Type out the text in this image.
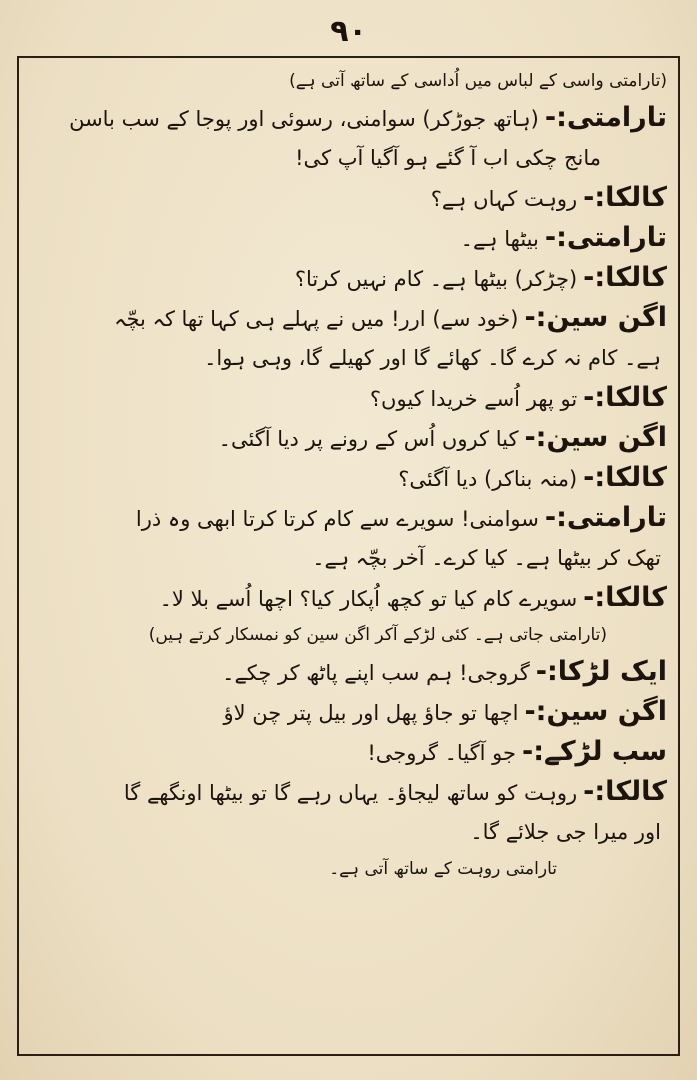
۹۰
(تارامتی واسی کے لباس میں اُداسی کے ساتھ آتی ہے)
تارامتی:-(ہاتھ جوڑکر) سوامنی، رسوئی اور پوجا کے سب باسن
مانج چکی اب آ گئے ہو آگیا آپ کی!
کالکا:-روہت کہاں ہے؟
تارامتی:-بیٹھا ہے۔
کالکا:-(چڑکر) بیٹھا ہے۔ کام نہیں کرتا؟
اگن سین:-(خود سے) ارر! میں نے پہلے ہی کہا تھا کہ بچّہ
ہے۔ کام نہ کرے گا۔ کھائے گا اور کھیلے گا، وہی ہوا۔
کالکا:-تو پھر اُسے خریدا کیوں؟
اگن سین:-کیا کروں اُس کے رونے پر دیا آگئی۔
کالکا:-(منہ بناکر) دیا آگئی؟
تارامتی:-سوامنی! سویرے سے کام کرتا کرتا ابھی وہ ذرا
تھک کر بیٹھا ہے۔ کیا کرے۔ آخر بچّہ ہے۔
کالکا:-سویرے کام کیا تو کچھ اُپکار کیا؟ اچھا اُسے بلا لا۔
(تارامتی جاتی ہے۔ کئی لڑکے آکر اگن سین کو نمسکار کرتے ہیں)
ایک لڑکا:-گروجی! ہم سب اپنے پاٹھ کر چکے۔
اگن سین:-اچھا تو جاؤ پھل اور بیل پتر چن لاؤ
سب لڑکے:-جو آگیا۔ گروجی!
کالکا:-روہت کو ساتھ لیجاؤ۔ یہاں رہے گا تو بیٹھا اونگھے گا
اور میرا جی جلائے گا۔
تارامتی روہت کے ساتھ آتی ہے۔
